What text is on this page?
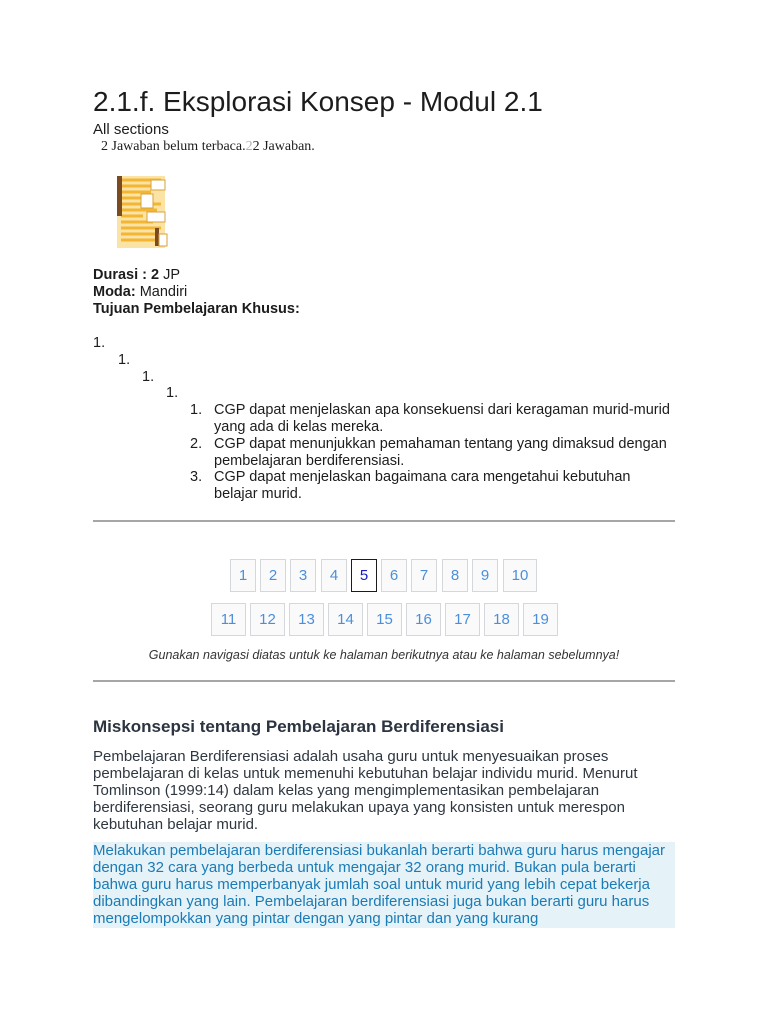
2.1.f. Eksplorasi Konsep - Modul 2.1
All sections
2 Jawaban belum terbaca.22 Jawaban.
Durasi : 2 JP
Moda: Mandiri
Tujuan Pembelajaran Khusus:
1.
1.
1.
1.
1. CGP dapat menjelaskan apa konsekuensi dari keragaman murid-murid yang ada di kelas mereka.
2. CGP dapat menunjukkan pemahaman tentang yang dimaksud dengan pembelajaran berdiferensiasi.
3. CGP dapat menjelaskan bagaimana cara mengetahui kebutuhan belajar murid.
1	2	3	4	5	6	7	8	9	10
11	12	13	14	15	16	17	18	19
Gunakan navigasi diatas untuk ke halaman berikutnya atau ke halaman sebelumnya!
Miskonsepsi tentang Pembelajaran Berdiferensiasi
Pembelajaran Berdiferensiasi adalah usaha guru untuk menyesuaikan proses pembelajaran di kelas untuk memenuhi kebutuhan belajar individu murid. Menurut Tomlinson (1999:14) dalam kelas yang mengimplementasikan pembelajaran berdiferensiasi, seorang guru melakukan upaya yang konsisten untuk merespon kebutuhan belajar murid.
Melakukan pembelajaran berdiferensiasi bukanlah berarti bahwa guru harus mengajar dengan 32 cara yang berbeda untuk mengajar 32 orang murid. Bukan pula berarti bahwa guru harus memperbanyak jumlah soal untuk murid yang lebih cepat bekerja dibandingkan yang lain. Pembelajaran berdiferensiasi juga bukan berarti guru harus mengelompokkan yang pintar dengan yang pintar dan yang kurang
